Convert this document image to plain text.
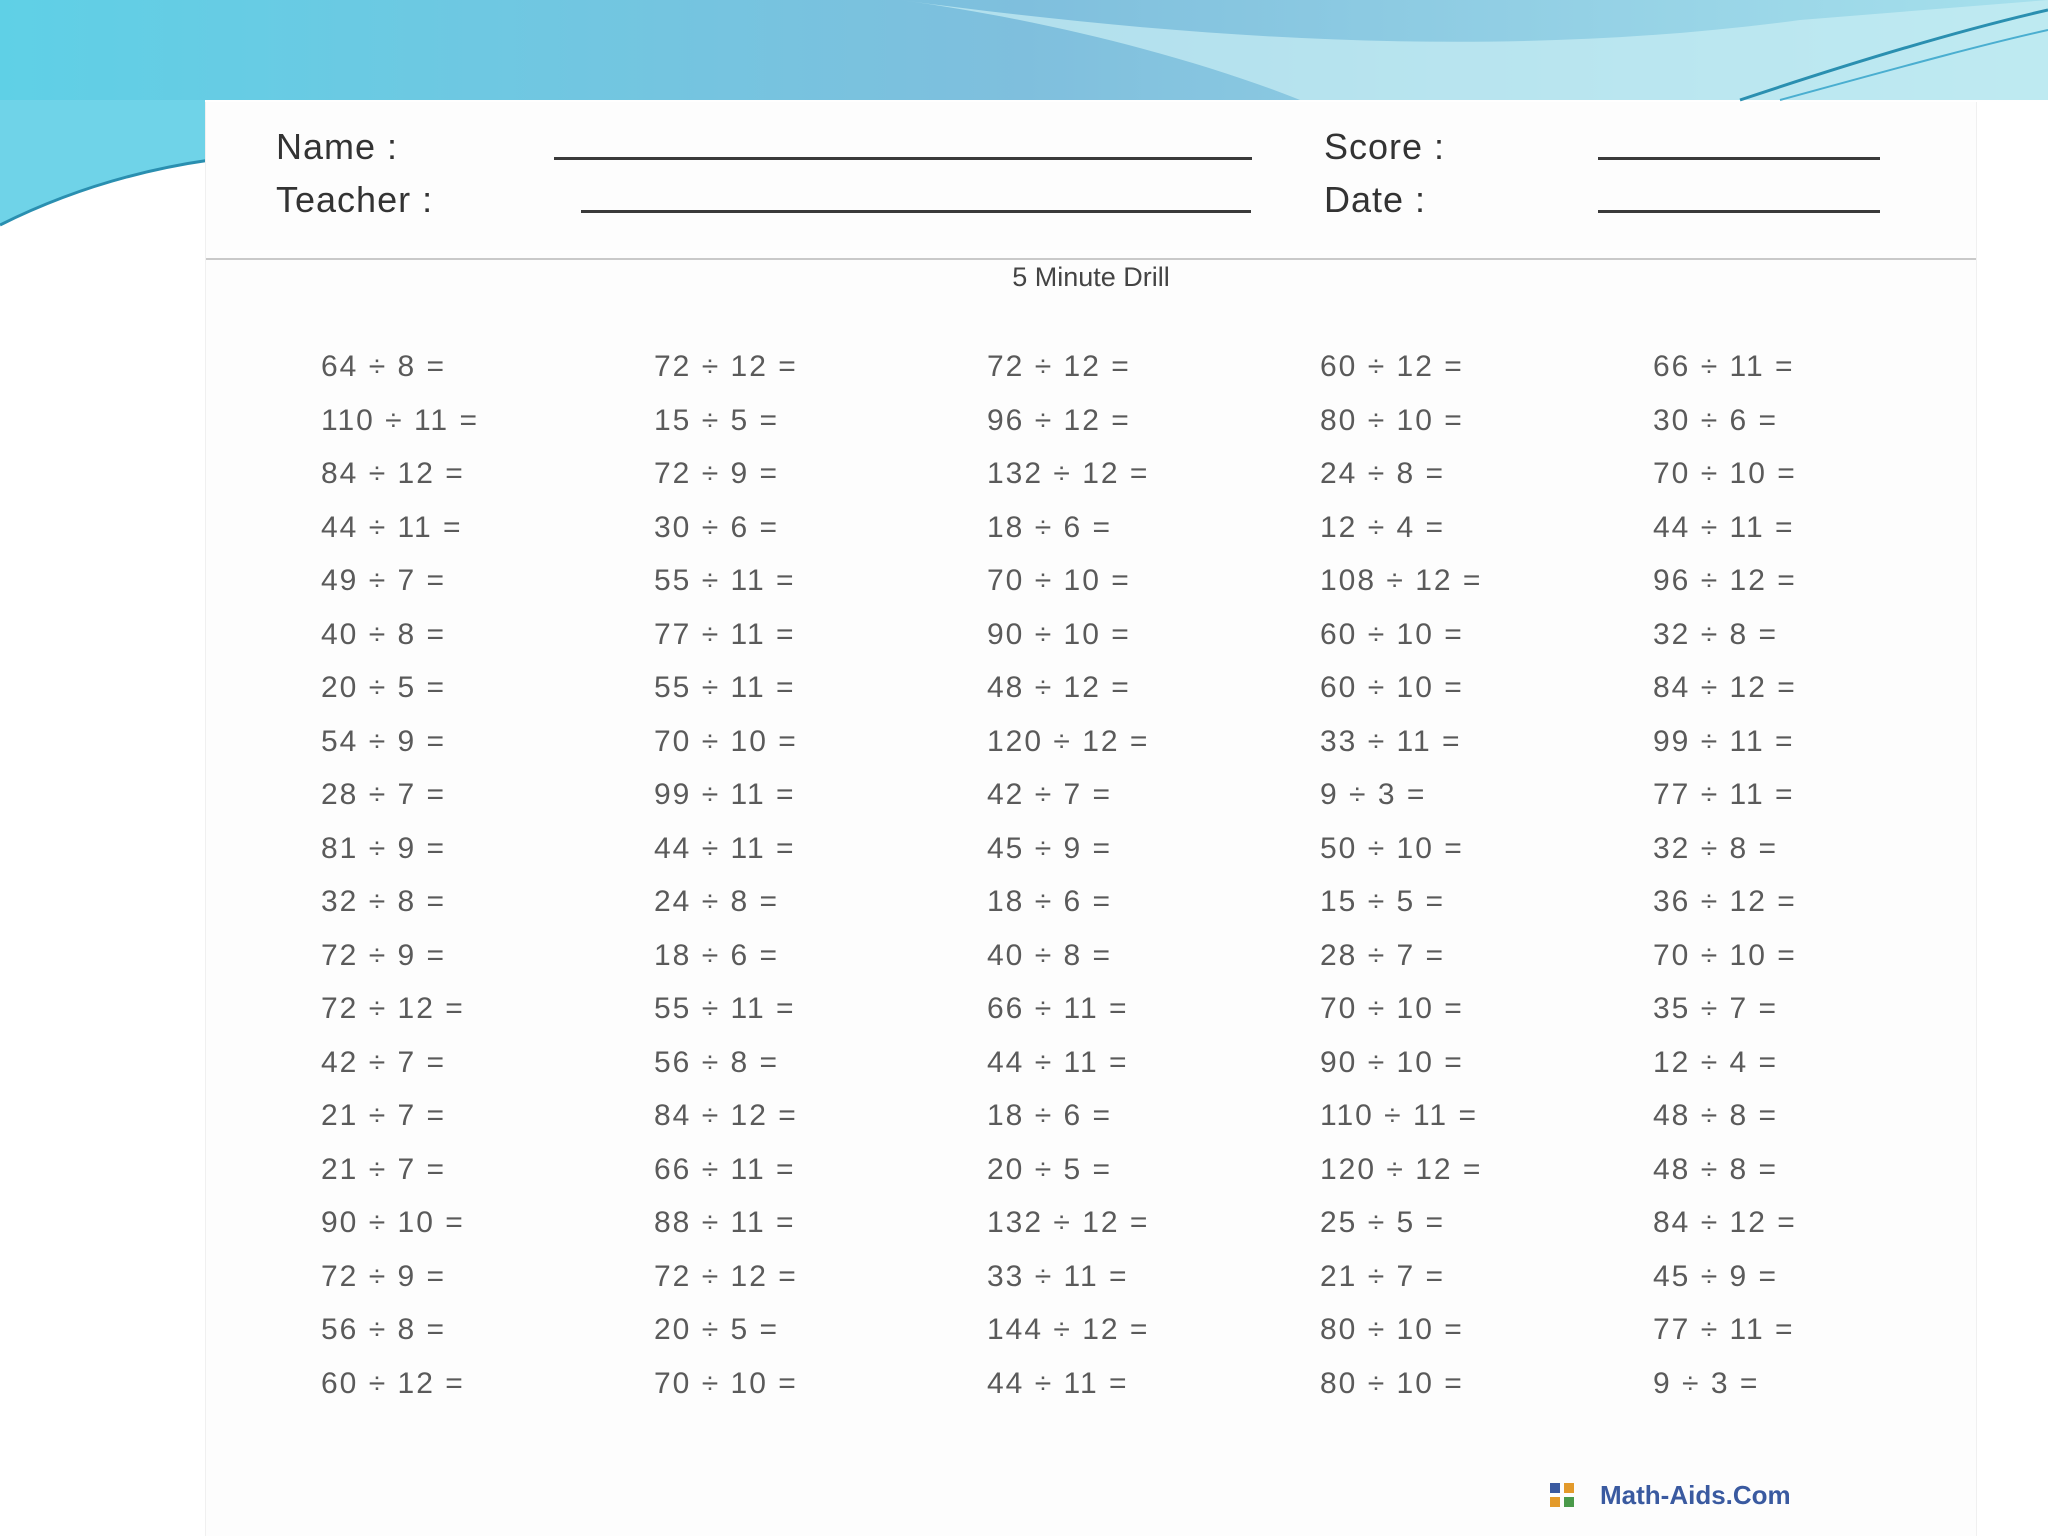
Name :
Teacher :
Score :
Date :
5 Minute Drill
64 ÷ 8 =	72 ÷ 12 =	72 ÷ 12 =	60 ÷ 12 =	66 ÷ 11 =
110 ÷ 11 =	15 ÷ 5 =	96 ÷ 12 =	80 ÷ 10 =	30 ÷ 6 =
84 ÷ 12 =	72 ÷ 9 =	132 ÷ 12 =	24 ÷ 8 =	70 ÷ 10 =
44 ÷ 11 =	30 ÷ 6 =	18 ÷ 6 =	12 ÷ 4 =	44 ÷ 11 =
49 ÷ 7 =	55 ÷ 11 =	70 ÷ 10 =	108 ÷ 12 =	96 ÷ 12 =
40 ÷ 8 =	77 ÷ 11 =	90 ÷ 10 =	60 ÷ 10 =	32 ÷ 8 =
20 ÷ 5 =	55 ÷ 11 =	48 ÷ 12 =	60 ÷ 10 =	84 ÷ 12 =
54 ÷ 9 =	70 ÷ 10 =	120 ÷ 12 =	33 ÷ 11 =	99 ÷ 11 =
28 ÷ 7 =	99 ÷ 11 =	42 ÷ 7 =	9 ÷ 3 =	77 ÷ 11 =
81 ÷ 9 =	44 ÷ 11 =	45 ÷ 9 =	50 ÷ 10 =	32 ÷ 8 =
32 ÷ 8 =	24 ÷ 8 =	18 ÷ 6 =	15 ÷ 5 =	36 ÷ 12 =
72 ÷ 9 =	18 ÷ 6 =	40 ÷ 8 =	28 ÷ 7 =	70 ÷ 10 =
72 ÷ 12 =	55 ÷ 11 =	66 ÷ 11 =	70 ÷ 10 =	35 ÷ 7 =
42 ÷ 7 =	56 ÷ 8 =	44 ÷ 11 =	90 ÷ 10 =	12 ÷ 4 =
21 ÷ 7 =	84 ÷ 12 =	18 ÷ 6 =	110 ÷ 11 =	48 ÷ 8 =
21 ÷ 7 =	66 ÷ 11 =	20 ÷ 5 =	120 ÷ 12 =	48 ÷ 8 =
90 ÷ 10 =	88 ÷ 11 =	132 ÷ 12 =	25 ÷ 5 =	84 ÷ 12 =
72 ÷ 9 =	72 ÷ 12 =	33 ÷ 11 =	21 ÷ 7 =	45 ÷ 9 =
56 ÷ 8 =	20 ÷ 5 =	144 ÷ 12 =	80 ÷ 10 =	77 ÷ 11 =
60 ÷ 12 =	70 ÷ 10 =	44 ÷ 11 =	80 ÷ 10 =	9 ÷ 3 =
Math-Aids.Com
